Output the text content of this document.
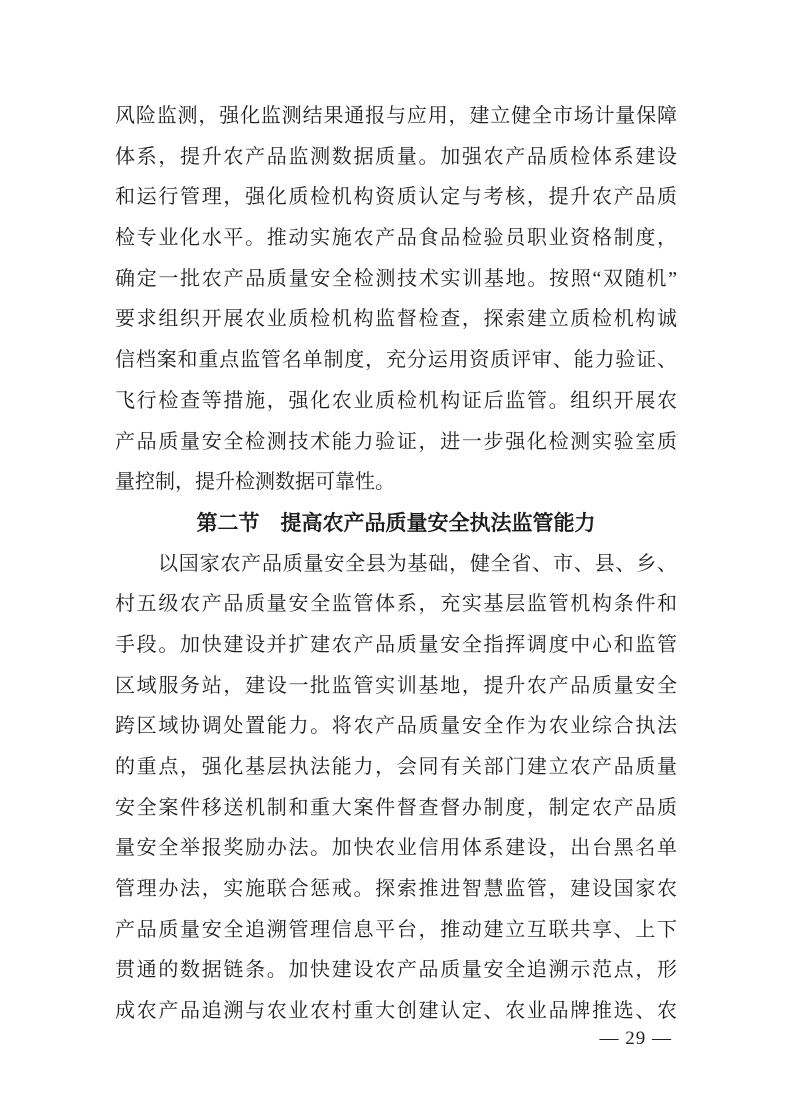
风险监测，强化监测结果通报与应用，建立健全市场计量保障
体系，提升农产品监测数据质量。加强农产品质检体系建设
和运行管理，强化质检机构资质认定与考核，提升农产品质
检专业化水平。推动实施农产品食品检验员职业资格制度，
确定一批农产品质量安全检测技术实训基地。按照“双随机”
要求组织开展农业质检机构监督检查，探索建立质检机构诚
信档案和重点监管名单制度，充分运用资质评审、能力验证、
飞行检查等措施，强化农业质检机构证后监管。组织开展农
产品质量安全检测技术能力验证，进一步强化检测实验室质
量控制，提升检测数据可靠性。
第二节　提高农产品质量安全执法监管能力
以国家农产品质量安全县为基础，健全省、市、县、乡、
村五级农产品质量安全监管体系，充实基层监管机构条件和
手段。加快建设并扩建农产品质量安全指挥调度中心和监管
区域服务站，建设一批监管实训基地，提升农产品质量安全
跨区域协调处置能力。将农产品质量安全作为农业综合执法
的重点，强化基层执法能力，会同有关部门建立农产品质量
安全案件移送机制和重大案件督查督办制度，制定农产品质
量安全举报奖励办法。加快农业信用体系建设，出台黑名单
管理办法，实施联合惩戒。探索推进智慧监管，建设国家农
产品质量安全追溯管理信息平台，推动建立互联共享、上下
贯通的数据链条。加快建设农产品质量安全追溯示范点，形
成农产品追溯与农业农村重大创建认定、农业品牌推选、农
— 29 —
